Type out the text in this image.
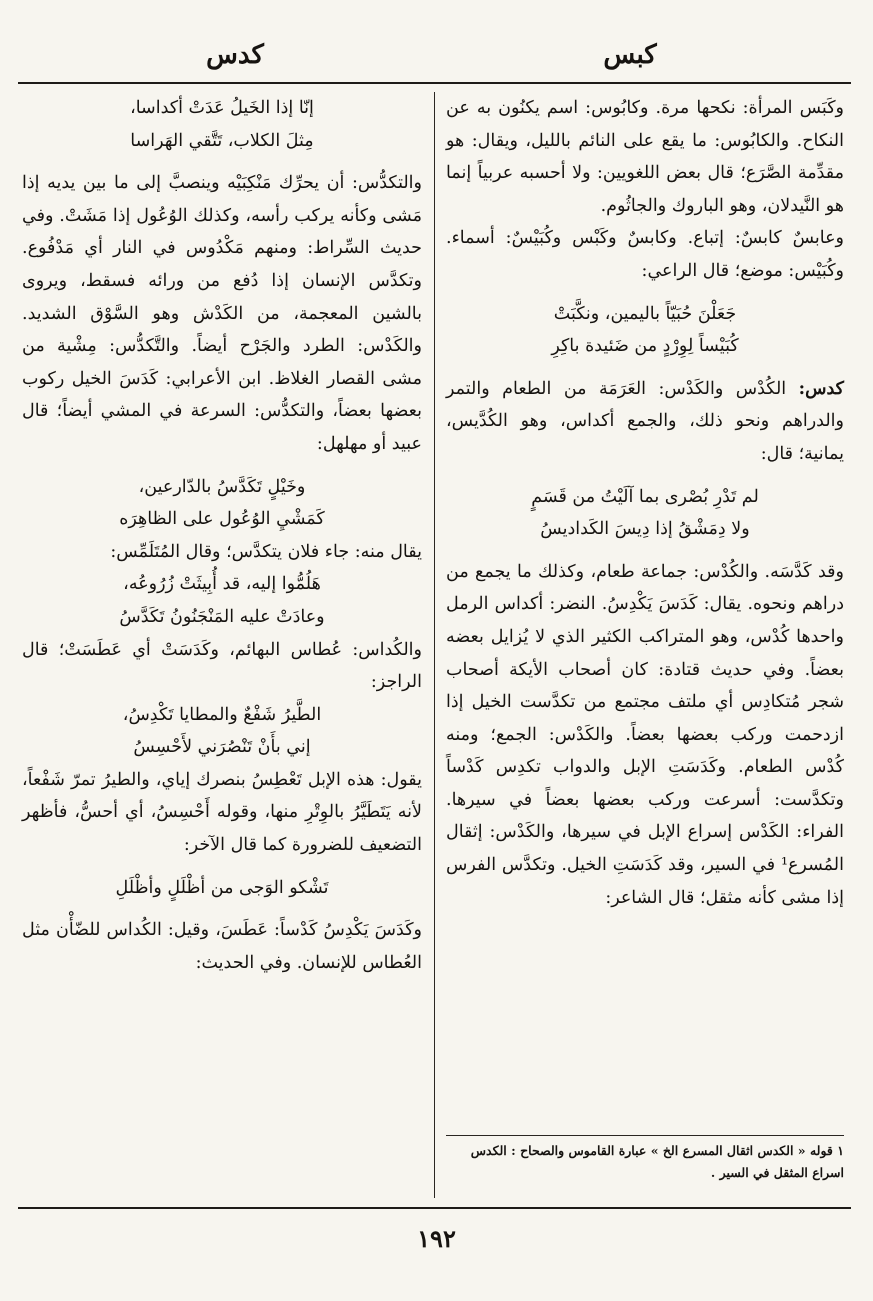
كبس
كدس

وكَبَس المرأة: نكحها مرة. وكابُوس: اسم يكنُون به عن النكاح. والكابُوس: ما يقع على النائم بالليل، ويقال: هو مقدِّمة الصَّرَع؛ قال بعض اللغويين: ولا أحسبه عربياً إنما هو النَّيدلان، وهو الباروك والجاثُوم.

وعابسٌ كابسٌ: إتباع. وكابسٌ وكَبْس وكُبَيْسٌ: أسماء. وكُبَيْس: موضع؛ قال الراعي:

جَعَلْنَ حُبَيّاً باليمين، ونكَّبَتْ

كُبَيْساً لِوِرْدٍ من ضَئيدة باكِرِ

كدس: الكُدْس والكَدْس: العَرَمَة من الطعام والتمر والدراهم ونحو ذلك، والجمع أكداس، وهو الكُدَّيس، يمانية؛ قال:

لم تَدْرِ بُصْرى بما آلَيْتُ من قَسَمٍ

ولا دِمَشْقُ إذا دِيسَ الكَداديسُ

وقد كَدَّسَه. والكُدْس: جماعة طعام، وكذلك ما يجمع من دراهم ونحوه. يقال: كَدَسَ يَكْدِسُ. النضر: أكداس الرمل واحدها كُدْس، وهو المتراكب الكثير الذي لا يُزايل بعضه بعضاً. وفي حديث قتادة: كان أصحاب الأيكة أصحاب شجر مُتكادِس أي ملتف مجتمع من تكدَّست الخيل إذا ازدحمت وركب بعضها بعضاً. والكَدْس: الجمع؛ ومنه كُدْس الطعام. وكَدَسَتِ الإبل والدواب تكدِس كَدْساً وتكدَّست: أسرعت وركب بعضها بعضاً في سيرها. الفراء: الكَدْس إسراع الإبل في سيرها، والكَدْس: إثقال المُسرع¹ في السير، وقد كَدَسَتِ الخيل. وتكدَّس الفرس إذا مشى كأنه مثقل؛ قال الشاعر:

١ قوله « الكدس اثقال المسرع الخ » عبارة القاموس والصحاح : الكدس اسراع المثقل في السير .

إنّا إذا الخَيلُ عَدَتْ أكداسا،

مِثلَ الكلاب، تَتَّقي الهَراسا

والتكدُّس: أن يحرِّك مَنْكِبَيْه وينصبَّ إلى ما بين يديه إذا مَشى وكأنه يركب رأسه، وكذلك الوُعُول إذا مَشَتْ. وفي حديث السِّراط: ومنهم مَكْدُوس في النار أي مَدْفُوع. وتكدَّس الإنسان إذا دُفع من ورائه فسقط، ويروى بالشين المعجمة، من الكَدْش وهو السَّوْق الشديد. والكَدْس: الطرد والجَرْح أيضاً. والتَّكدُّس: مِشْية من مشى القصار الغلاظ. ابن الأعرابي: كَدَسَ الخيل ركوب بعضها بعضاً، والتكدُّس: السرعة في المشي أيضاً؛ قال عبيد أو مهلهل:

وخَيْلٍ تَكَدَّسُ بالدّارعين،

كَمَشْيِ الوُعُول على الظاهِرَه

يقال منه: جاء فلان يتكدَّس؛ وقال المُتَلَمِّس:

هَلُمُّوا إليه، قد أُبِيثَتْ زُرُوعُه،

وعادَتْ عليه المَنْجَنُونُ تَكَدَّسُ

والكُداس: عُطاس البهائم، وكَدَسَتْ أي عَطَسَتْ؛ قال الراجز:

الطَّيرُ شَفْعٌ والمطايا تَكْدِسُ،

إني بأَنْ تَنْصُرَني لأَحْسِسُ

يقول: هذه الإبل تَعْطِسُ بنصرك إياي، والطيرُ تمرّ شَفْعاً، لأنه يَتَطَيَّرُ بالوِتْرِ منها، وقوله أَحْسِسُ، أي أحسُّ، فأظهر التضعيف للضرورة كما قال الآخر:

تَشْكو الوَجى من أظْلَلٍ وأظْلَلِ

وكَدَسَ يَكْدِسُ كَدْساً: عَطَسَ، وقيل: الكُداس للضّأْن مثل العُطاس للإنسان. وفي الحديث:

١٩٢
